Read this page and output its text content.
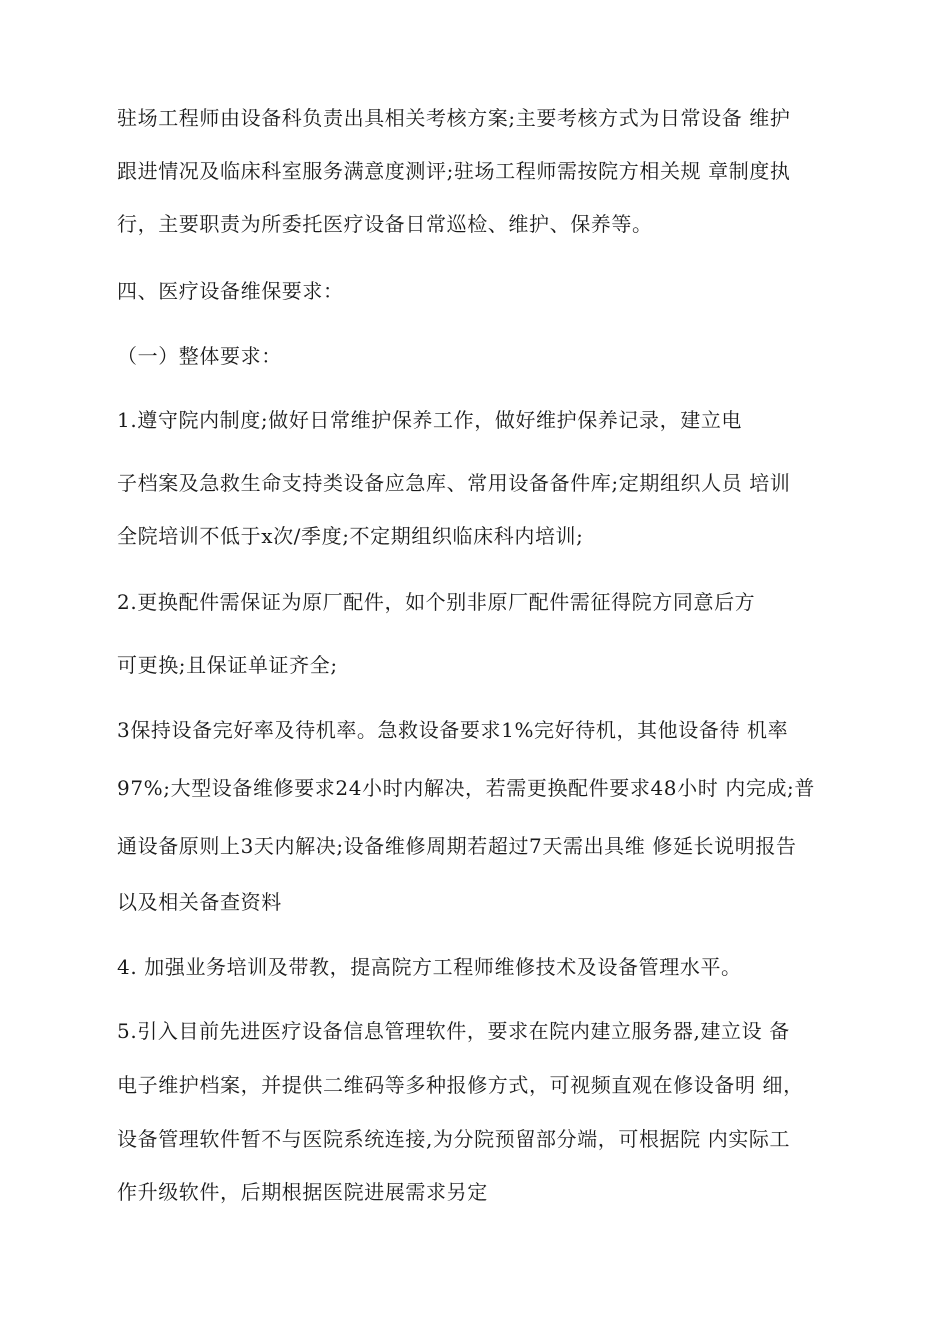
驻场工程师由设备科负责出具相关考核方案;主要考核方式为日常设备 维护
跟进情况及临床科室服务满意度测评;驻场工程师需按院方相关规 章制度执
行，主要职责为所委托医疗设备日常巡检、维护、保养等。
四、医疗设备维保要求：
（一）整体要求：
1.遵守院内制度;做好日常维护保养工作，做好维护保养记录，建立电
子档案及急救生命支持类设备应急库、常用设备备件库;定期组织人员 培训
全院培训不低于x次/季度;不定期组织临床科内培训;
2.更换配件需保证为原厂配件，如个别非原厂配件需征得院方同意后方
可更换;且保证单证齐全;
3保持设备完好率及待机率。急救设备要求1%完好待机，其他设备待 机率
97%;大型设备维修要求24小时内解决，若需更换配件要求48小时 内完成;普
通设备原则上3天内解决;设备维修周期若超过7天需出具维 修延长说明报告
以及相关备查资料
4. 加强业务培训及带教，提高院方工程师维修技术及设备管理水平。
5.引入目前先进医疗设备信息管理软件，要求在院内建立服务器,建立设 备
电子维护档案，并提供二维码等多种报修方式，可视频直观在修设备明 细，
设备管理软件暂不与医院系统连接,为分院预留部分端，可根据院 内实际工
作升级软件，后期根据医院进展需求另定
